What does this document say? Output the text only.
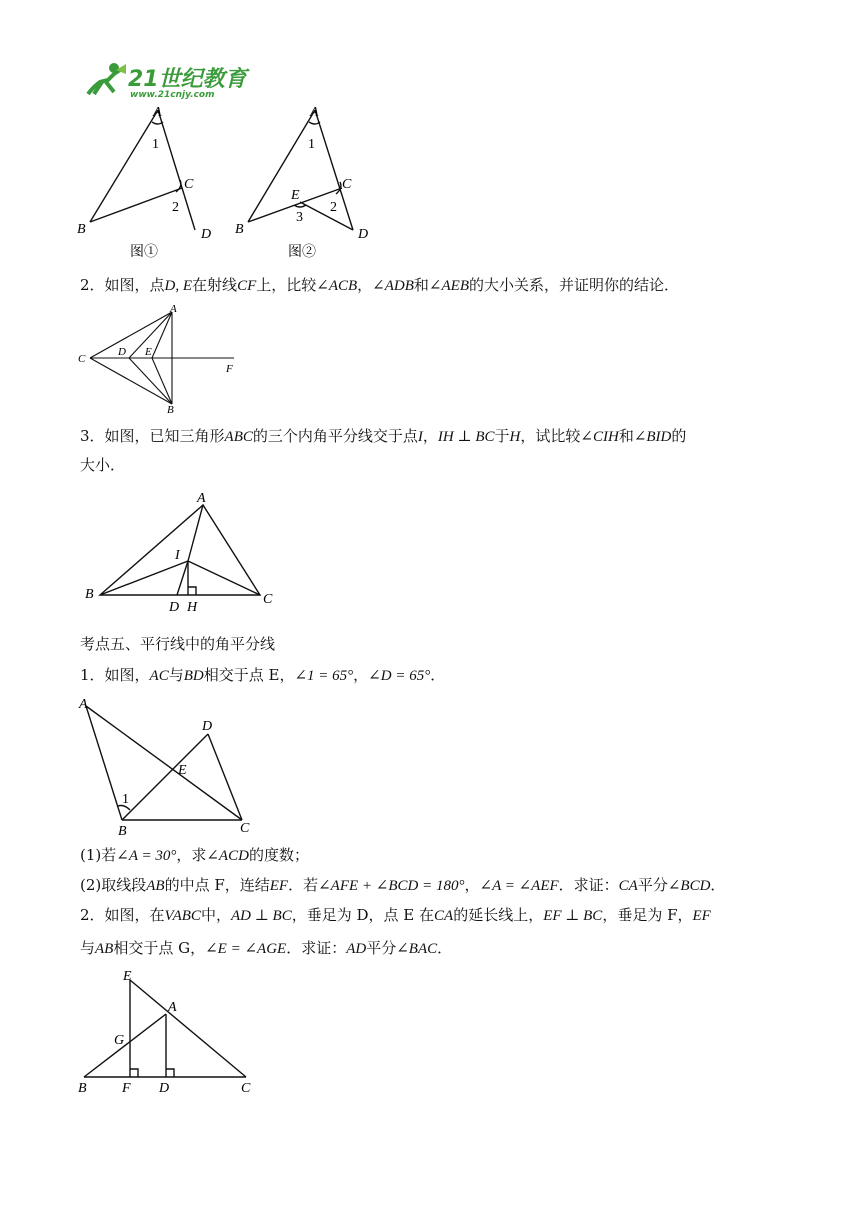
21世纪教育
www.21cnjy.com
A
B
C
D
1
2
图①
A
B
C
D
E
1
2
3
图②
2．如图，点D, E在射线CF上，比较∠ACB，∠ADB和∠AEB的大小关系，并证明你的结论．
A
B
C
D E
F
3．如图，已知三角形ABC的三个内角平分线交于点I，IH ⊥ BC于H，试比较∠CIH和∠BID的
大小．
A
B	C
D H
I
考点五、平行线中的角平分线
1．如图，AC与BD相交于点 E，∠1 = 65°，∠D = 65°．
A
B	C
D
E
1
(1)若∠A = 30°，求∠ACD的度数；
(2)取线段AB的中点 F，连结EF．若∠AFE + ∠BCD = 180°，∠A = ∠AEF．求证：CA平分∠BCD．
2．如图，在VABC中，AD ⊥ BC，垂足为 D，点 E 在CA的延长线上，EF ⊥ BC，垂足为 F，EF
与AB相交于点 G，∠E = ∠AGE．求证：AD平分∠BAC．
E
A
G
B	F D	C
